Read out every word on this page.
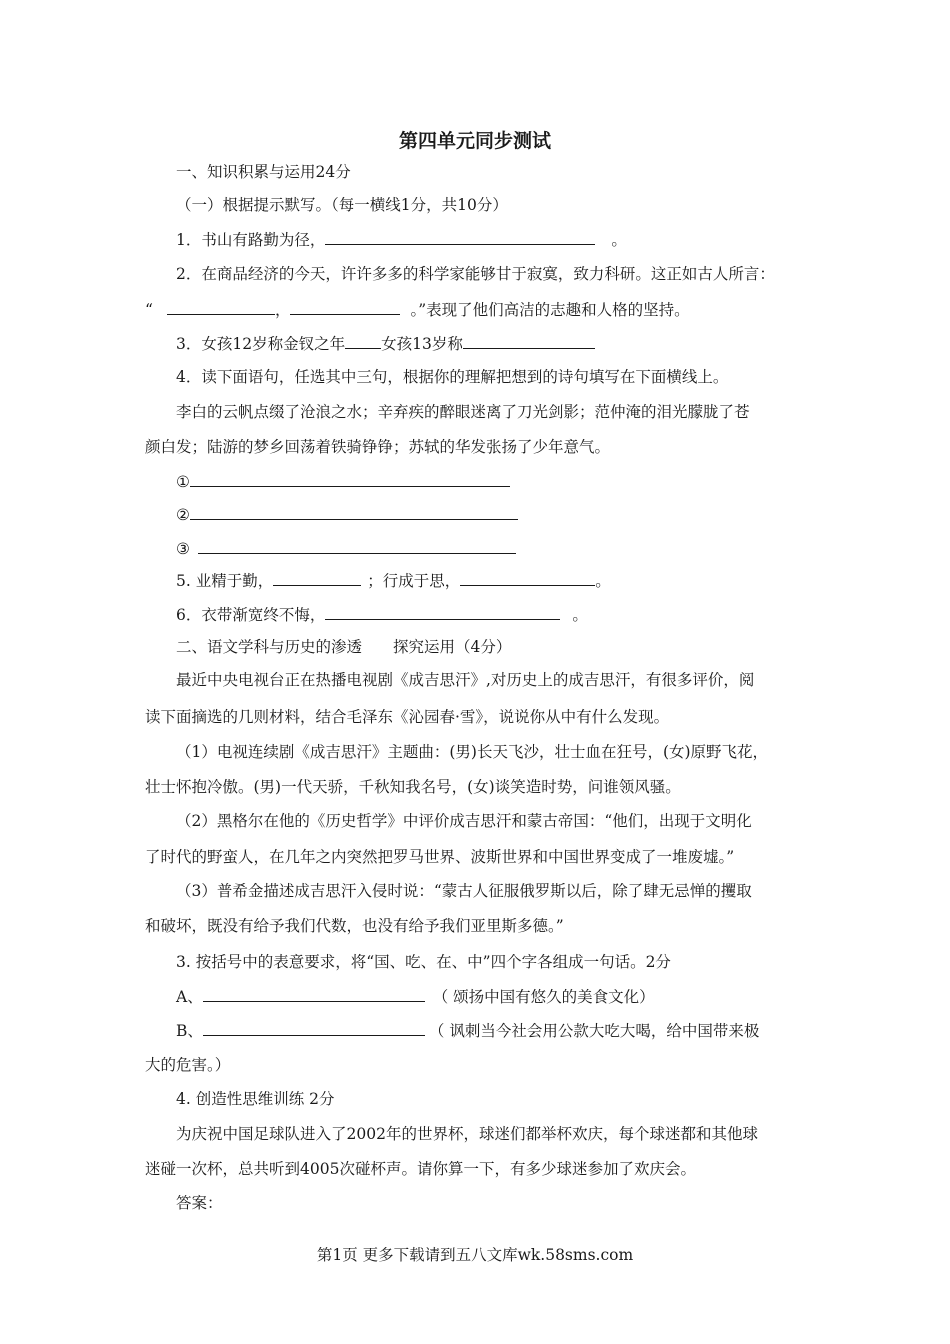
第四单元同步测试
一、知识积累与运用24分
（一）根据提示默写。（每一横线1分，共10分）
1．书山有路勤为径，	。
2．在商品经济的今天，许许多多的科学家能够甘于寂寞，致力科研。这正如古人所言：
“	，	。”表现了他们高洁的志趣和人格的坚持。
3．女孩12岁称金钗之年 女孩13岁称
4．读下面语句，任选其中三句，根据你的理解把想到的诗句填写在下面横线上。
李白的云帆点缀了沧浪之水；辛弃疾的醉眼迷离了刀光剑影；范仲淹的泪光朦胧了苍
颜白发；陆游的梦乡回荡着铁骑铮铮；苏轼的华发张扬了少年意气。
①
②
③
5. 业精于勤，	；行成于思，	。
6．衣带渐宽终不悔，	。
二、语文学科与历史的渗透　　探究运用（4分）
最近中央电视台正在热播电视剧《成吉思汗》,对历史上的成吉思汗，有很多评价，阅
读下面摘选的几则材料，结合毛泽东《沁园春·雪》，说说你从中有什么发现。
（1）电视连续剧《成吉思汗》主题曲：(男)长天飞沙，壮士血在狂号，(女)原野飞花，
壮士怀抱冷傲。(男)一代天骄，千秋知我名号，(女)谈笑造时势，问谁领风骚。
（2）黑格尔在他的《历史哲学》中评价成吉思汗和蒙古帝国：“他们，出现于文明化
了时代的野蛮人，在几年之内突然把罗马世界、波斯世界和中国世界变成了一堆废墟。”
（3）普希金描述成吉思汗入侵时说：“蒙古人征服俄罗斯以后，除了肆无忌惮的攫取
和破坏，既没有给予我们代数，也没有给予我们亚里斯多德。”
3. 按括号中的表意要求，将“国、吃、在、中”四个字各组成一句话。2分
A、	（ 颂扬中国有悠久的美食文化）
B、	（ 讽刺当今社会用公款大吃大喝，给中国带来极
大的危害。）
4. 创造性思维训练 2分
为庆祝中国足球队进入了2002年的世界杯，球迷们都举杯欢庆，每个球迷都和其他球
迷碰一次杯，总共听到4005次碰杯声。请你算一下，有多少球迷参加了欢庆会。
答案：
第1页 更多下载请到五八文库wk.58sms.com
